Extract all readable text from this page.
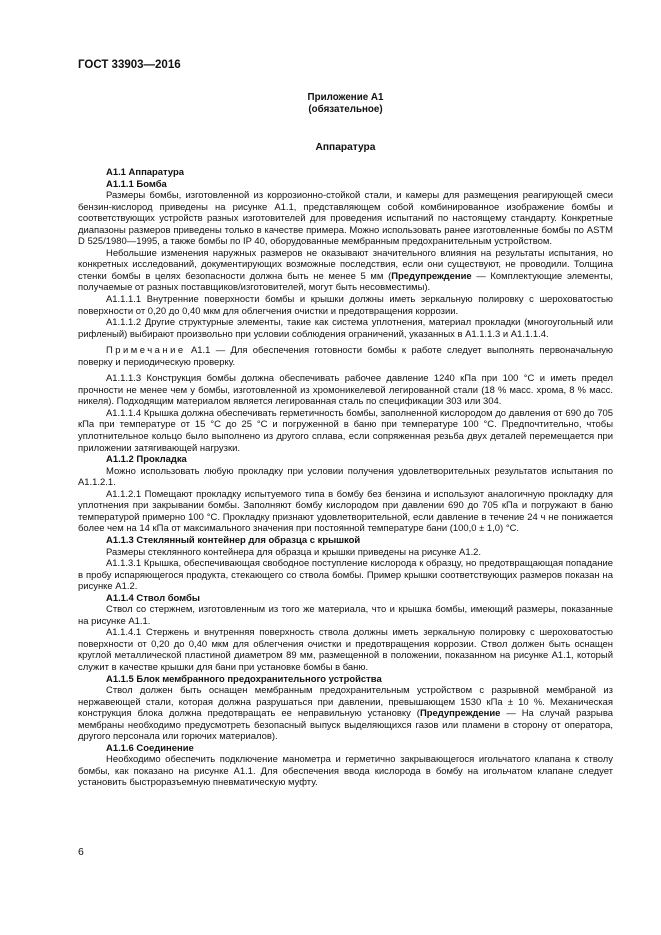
ГОСТ 33903—2016
Приложение А1
(обязательное)
Аппаратура
А1.1 Аппаратура
А1.1.1 Бомба
Размеры бомбы, изготовленной из коррозионно-стойкой стали, и камеры для размещения реагирующей смеси бензин-кислород приведены на рисунке А1.1, представляющем собой комбинированное изображение бомбы и соответствующих устройств разных изготовителей для проведения испытаний по настоящему стандарту. Конкретные диапазоны размеров приведены только в качестве примера. Можно использовать ранее изготовленные бомбы по ASTM D 525/1980—1995, а также бомбы по IP 40, оборудованные мембранным предохранительным устройством.
Небольшие изменения наружных размеров не оказывают значительного влияния на результаты испытания, но конкретных исследований, документирующих возможные последствия, если они существуют, не проводили. Толщина стенки бомбы в целях безопасности должна быть не менее 5 мм (Предупреждение — Комплектующие элементы, получаемые от разных поставщиков/изготовителей, могут быть несовместимы).
А1.1.1.1 Внутренние поверхности бомбы и крышки должны иметь зеркальную полировку с шероховатостью поверхности от 0,20 до 0,40 мкм для облегчения очистки и предотвращения коррозии.
А1.1.1.2 Другие структурные элементы, такие как система уплотнения, материал прокладки (многоугольный или рифленый) выбирают произвольно при условии соблюдения ограничений, указанных в А1.1.1.3 и А1.1.1.4.
Примечание А1.1 — Для обеспечения готовности бомбы к работе следует выполнять первоначальную поверку и периодическую проверку.
А1.1.1.3 Конструкция бомбы должна обеспечивать рабочее давление 1240 кПа при 100 °С и иметь предел прочности не менее чем у бомбы, изготовленной из хромоникелевой легированной стали (18 % масс. хрома, 8 % масс. никеля). Подходящим материалом является легированная сталь по спецификации 303 или 304.
А1.1.1.4 Крышка должна обеспечивать герметичность бомбы, заполненной кислородом до давления от 690 до 705 кПа при температуре от 15 °С до 25 °С и погруженной в баню при температуре 100 °С. Предпочтительно, чтобы уплотнительное кольцо было выполнено из другого сплава, если сопряженная резьба двух деталей перемещается при приложении затягивающей нагрузки.
А1.1.2 Прокладка
Можно использовать любую прокладку при условии получения удовлетворительных результатов испытания по А1.1.2.1.
А1.1.2.1 Помещают прокладку испытуемого типа в бомбу без бензина и используют аналогичную прокладку для уплотнения при закрывании бомбы. Заполняют бомбу кислородом при давлении 690 до 705 кПа и погружают в баню температурой примерно 100 °С. Прокладку признают удовлетворительной, если давление в течение 24 ч не понижается более чем на 14 кПа от максимального значения при постоянной температуре бани (100,0 ± 1,0) °С.
А1.1.3 Стеклянный контейнер для образца с крышкой
Размеры стеклянного контейнера для образца и крышки приведены на рисунке А1.2.
А1.1.3.1 Крышка, обеспечивающая свободное поступление кислорода к образцу, но предотвращающая попадание в пробу испаряющегося продукта, стекающего со ствола бомбы. Пример крышки соответствующих размеров показан на рисунке А1.2.
А1.1.4 Ствол бомбы
Ствол со стержнем, изготовленным из того же материала, что и крышка бомбы, имеющий размеры, показанные на рисунке А1.1.
А1.1.4.1 Стержень и внутренняя поверхность ствола должны иметь зеркальную полировку с шероховатостью поверхности от 0,20 до 0,40 мкм для облегчения очистки и предотвращения коррозии. Ствол должен быть оснащен круглой металлической пластиной диаметром 89 мм, размещенной в положении, показанном на рисунке А1.1, который служит в качестве крышки для бани при установке бомбы в баню.
А1.1.5 Блок мембранного предохранительного устройства
Ствол должен быть оснащен мембранным предохранительным устройством с разрывной мембраной из нержавеющей стали, которая должна разрушаться при давлении, превышающем 1530 кПа ± 10 %. Механическая конструкция блока должна предотвращать ее неправильную установку (Предупреждение — На случай разрыва мембраны необходимо предусмотреть безопасный выпуск выделяющихся газов или пламени в сторону от оператора, другого персонала или горючих материалов).
А1.1.6 Соединение
Необходимо обеспечить подключение манометра и герметично закрывающегося игольчатого клапана к стволу бомбы, как показано на рисунке А1.1. Для обеспечения ввода кислорода в бомбу на игольчатом клапане следует установить быстроразъемную пневматическую муфту.
6
